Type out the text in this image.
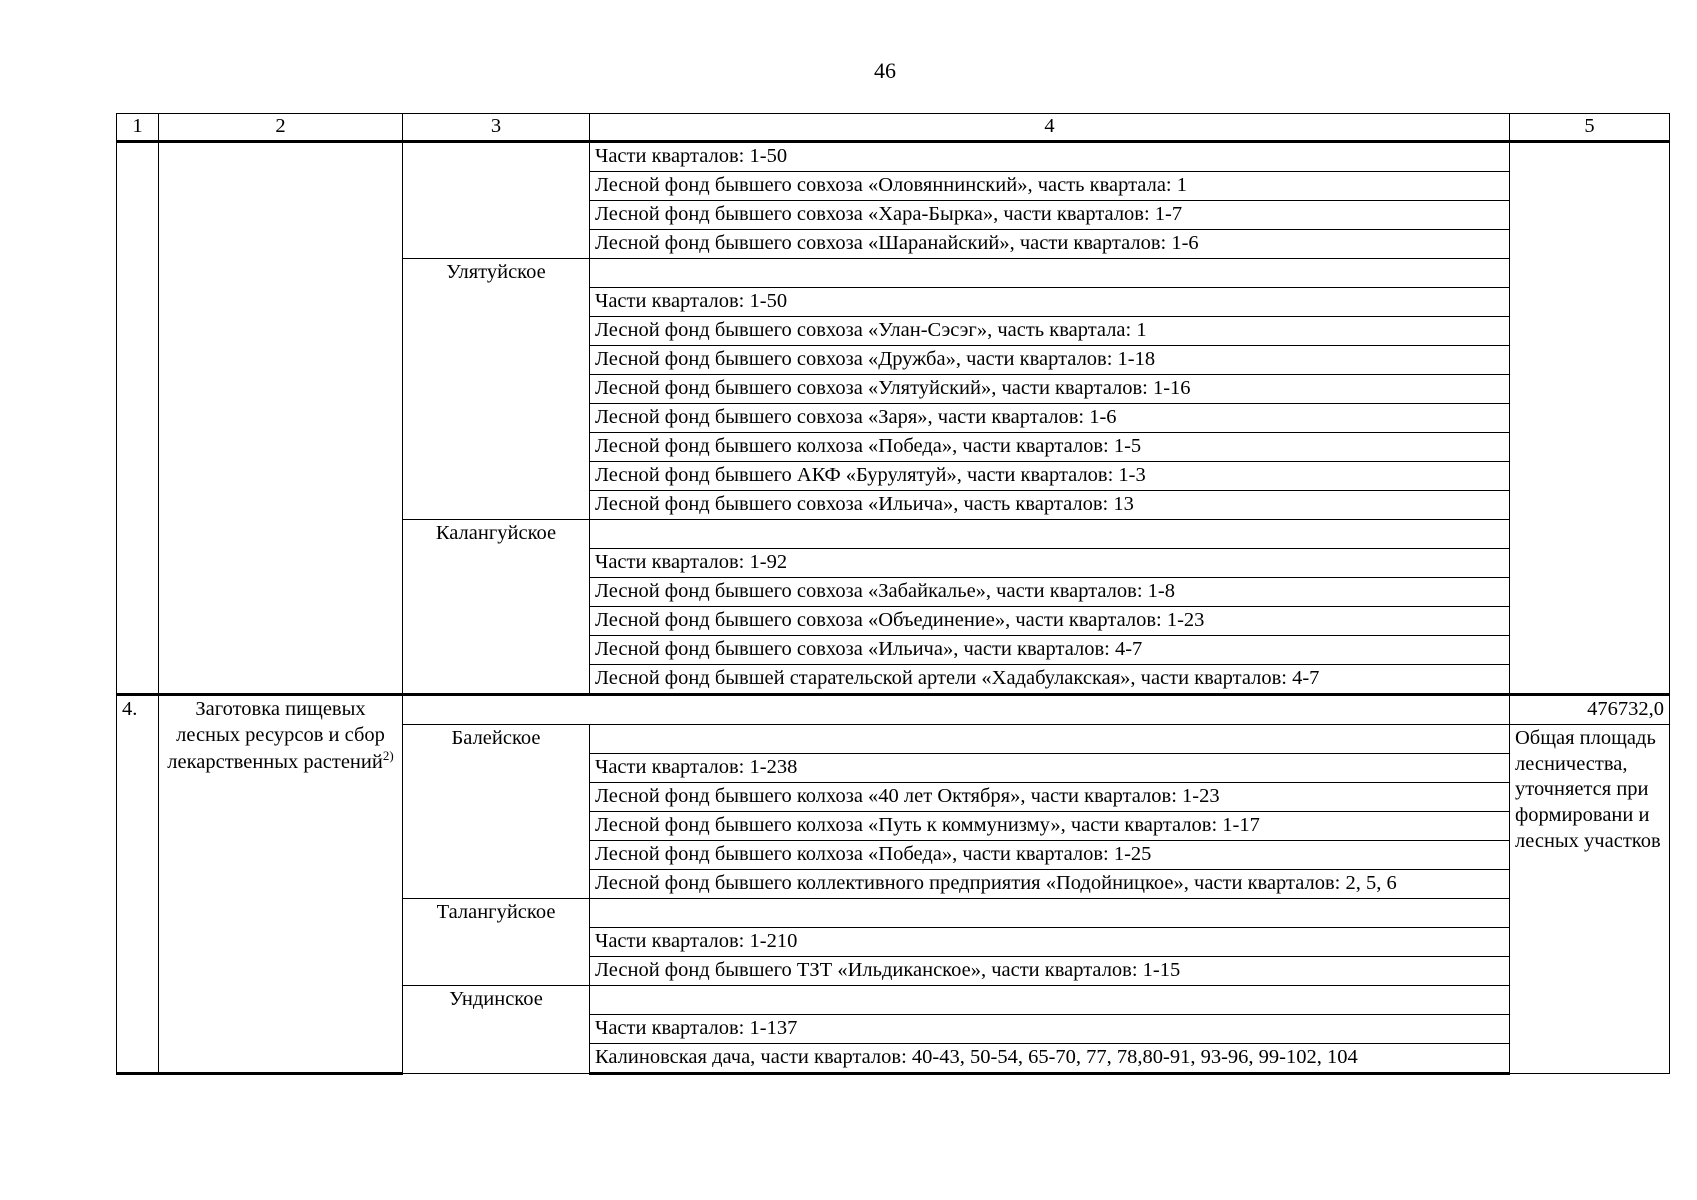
46
1	2	3	4	5
			Части кварталов: 1-50	
			Лесной фонд бывшего совхоза «Оловяннинский», часть квартала: 1	
			Лесной фонд бывшего совхоза «Хара-Бырка», части кварталов: 1-7	
			Лесной фонд бывшего совхоза «Шаранайский», части кварталов: 1-6	
		Улятуйское		
			Части кварталов: 1-50	
			Лесной фонд бывшего совхоза «Улан-Сэсэг», часть квартала: 1	
			Лесной фонд бывшего совхоза «Дружба», части кварталов: 1-18	
			Лесной фонд бывшего совхоза «Улятуйский», части кварталов: 1-16	
			Лесной фонд бывшего совхоза «Заря», части кварталов: 1-6	
			Лесной фонд бывшего колхоза «Победа», части кварталов: 1-5	
			Лесной фонд бывшего АКФ «Бурулятуй», части кварталов: 1-3	
			Лесной фонд бывшего совхоза «Ильича», часть кварталов: 13	
		Калангуйское		
			Части кварталов: 1-92	
			Лесной фонд бывшего совхоза «Забайкалье», части кварталов: 1-8	
			Лесной фонд бывшего совхоза «Объединение», части кварталов: 1-23	
			Лесной фонд бывшего совхоза «Ильича», части кварталов: 4-7	
			Лесной фонд бывшей старательской артели «Хадабулакская», части кварталов: 4-7	
4.	Заготовка пищевых лесных ресурсов и сбор лекарственных растений$^{2)}$			476732,0
		Балейское		Общая площадь лесничества, уточняется при формировани и лесных участков
			Части кварталов: 1-238	
			Лесной фонд бывшего колхоза «40 лет Октября», части кварталов: 1-23	
			Лесной фонд бывшего колхоза «Путь к коммунизму», части кварталов: 1-17	
			Лесной фонд бывшего колхоза «Победа», части кварталов: 1-25	
			Лесной фонд бывшего коллективного предприятия «Подойницкое», части кварталов: 2, 5, 6	
		Талангуйское		
			Части кварталов: 1-210	
			Лесной фонд бывшего ТЗТ «Ильдиканское», части кварталов: 1-15	
		Ундинское		
			Части кварталов: 1-137	
			Калиновская дача, части кварталов: 40-43, 50-54, 65-70, 77, 78,80-91, 93-96, 99-102, 104	
